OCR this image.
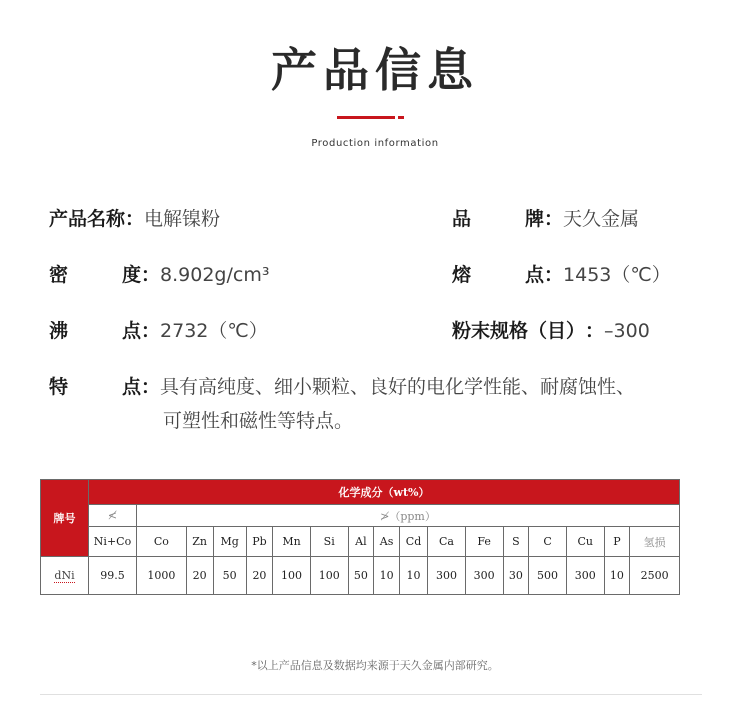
产品信息
Production information
产品名称：电解镍粉	品　　牌：天久金属
密　　度：8.902g/cm³	熔　　点：1453（℃）
沸　　点：2732（℃）	粉末规格（目）：–300
特　　点：具有高纯度、细小颗粒、良好的电化学性能、耐腐蚀性、
可塑性和磁性等特点。
牌号	化学成分（wt%）																
	≮	≯（ppm）															
	Ni+Co	Co	Zn	Mg	Pb	Mn	Si	Al	As	Cd	Ca	Fe	S	C	Cu	P	氢损
dNi	99.5	1000	20	50	20	100	100	50	10	10	300	300	30	500	300	10	2500
*以上产品信息及数据均来源于天久金属内部研究。
